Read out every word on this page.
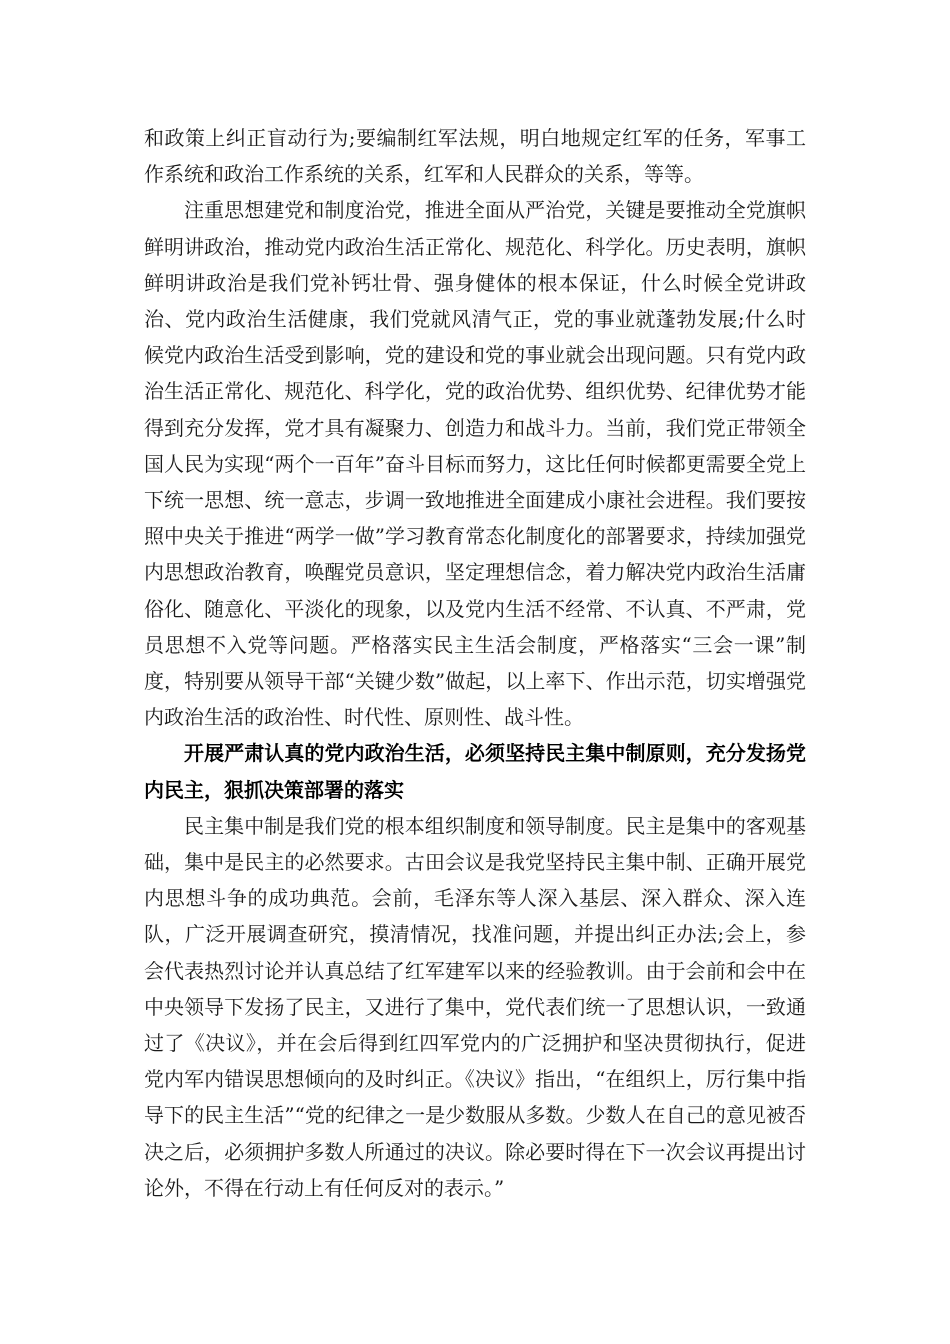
和政策上纠正盲动行为;要编制红军法规，明白地规定红军的任务，军事工作系统和政治工作系统的关系，红军和人民群众的关系，等等。

注重思想建党和制度治党，推进全面从严治党，关键是要推动全党旗帜鲜明讲政治，推动党内政治生活正常化、规范化、科学化。历史表明，旗帜鲜明讲政治是我们党补钙壮骨、强身健体的根本保证，什么时候全党讲政治、党内政治生活健康，我们党就风清气正，党的事业就蓬勃发展;什么时候党内政治生活受到影响，党的建设和党的事业就会出现问题。只有党内政治生活正常化、规范化、科学化，党的政治优势、组织优势、纪律优势才能得到充分发挥，党才具有凝聚力、创造力和战斗力。当前，我们党正带领全国人民为实现“两个一百年”奋斗目标而努力，这比任何时候都更需要全党上下统一思想、统一意志，步调一致地推进全面建成小康社会进程。我们要按照中央关于推进“两学一做”学习教育常态化制度化的部署要求，持续加强党内思想政治教育，唤醒党员意识，坚定理想信念，着力解决党内政治生活庸俗化、随意化、平淡化的现象，以及党内生活不经常、不认真、不严肃，党员思想不入党等问题。严格落实民主生活会制度，严格落实“三会一课”制度，特别要从领导干部“关键少数”做起，以上率下、作出示范，切实增强党内政治生活的政治性、时代性、原则性、战斗性。

开展严肃认真的党内政治生活，必须坚持民主集中制原则，充分发扬党内民主，狠抓决策部署的落实

民主集中制是我们党的根本组织制度和领导制度。民主是集中的客观基础，集中是民主的必然要求。古田会议是我党坚持民主集中制、正确开展党内思想斗争的成功典范。会前，毛泽东等人深入基层、深入群众、深入连队，广泛开展调查研究，摸清情况，找准问题，并提出纠正办法;会上，参会代表热烈讨论并认真总结了红军建军以来的经验教训。由于会前和会中在中央领导下发扬了民主，又进行了集中，党代表们统一了思想认识，一致通过了《决议》，并在会后得到红四军党内的广泛拥护和坚决贯彻执行，促进党内军内错误思想倾向的及时纠正。《决议》指出，“在组织上，厉行集中指导下的民主生活”“党的纪律之一是少数服从多数。少数人在自己的意见被否决之后，必须拥护多数人所通过的决议。除必要时得在下一次会议再提出讨论外，不得在行动上有任何反对的表示。”
